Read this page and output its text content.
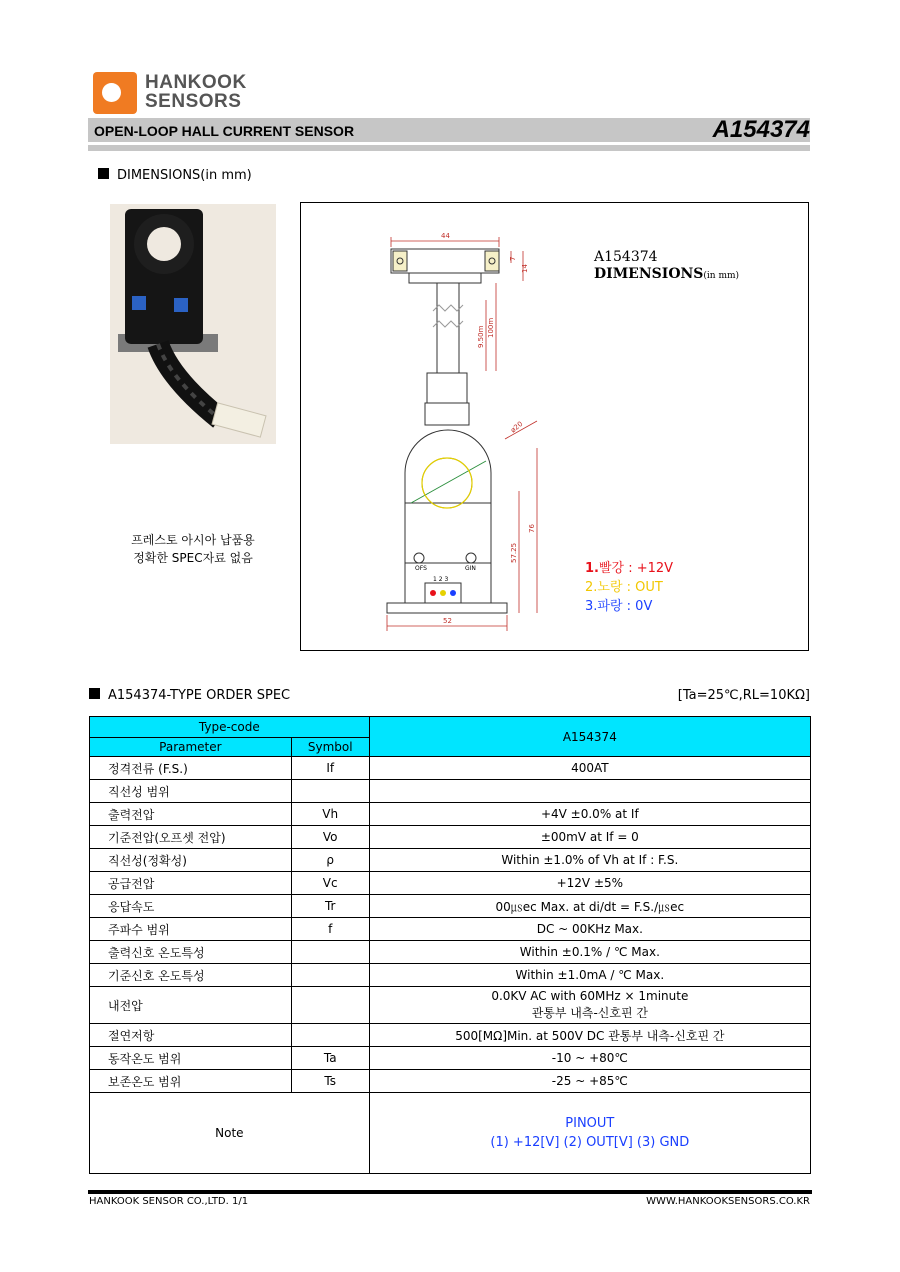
HANKOOK
SENSORS
OPEN-LOOP HALL CURRENT SENSOR	A154374
DIMENSIONS(in mm)
프레스토 아시아 납품용
정확한 SPEC자료 없음
44
7
14
9.50m 100m
ø20
76
57.25
52
OFS	GIN
1 2 3
A154374
DIMENSIONS(in mm)
1.빨강 : +12V
2.노랑 : OUT
3.파랑 : 0V
A154374-TYPE ORDER SPEC	[Ta=25℃,RL=10KΩ]
Type-code		A154374
Parameter	Symbol	
정격전류 (F.S.)	If	400AT
직선성 범위		
출력전압	Vh	+4V ±0.0% at If
기준전압(오프셋 전압)	Vo	±00mV at If = 0
직선성(정확성)	ρ	Within ±1.0% of Vh at If : F.S.
공급전압	Vc	+12V ±5%
응답속도	Tr	00㎲ec Max. at di/dt = F.S./㎲ec
주파수 범위	f	DC ~ 00KHz Max.
출력신호 온도특성		Within ±0.1% / ℃ Max.
기준신호 온도특성		Within ±1.0mA / ℃ Max.
내전압		0.0KV AC with 60MHz × 1minute
관통부 내측-신호핀 간

절연저항		500[MΩ]Min. at 500V DC 관통부 내측-신호핀 간
동작온도 범위	Ta	-10 ~ +80℃
보존온도 범위	Ts	-25 ~ +85℃
Note		PINOUT
(1) +12[V] (2) OUT[V] (3) GND
HANKOOK SENSOR CO.,LTD. 1/1	WWW.HANKOOKSENSORS.CO.KR
